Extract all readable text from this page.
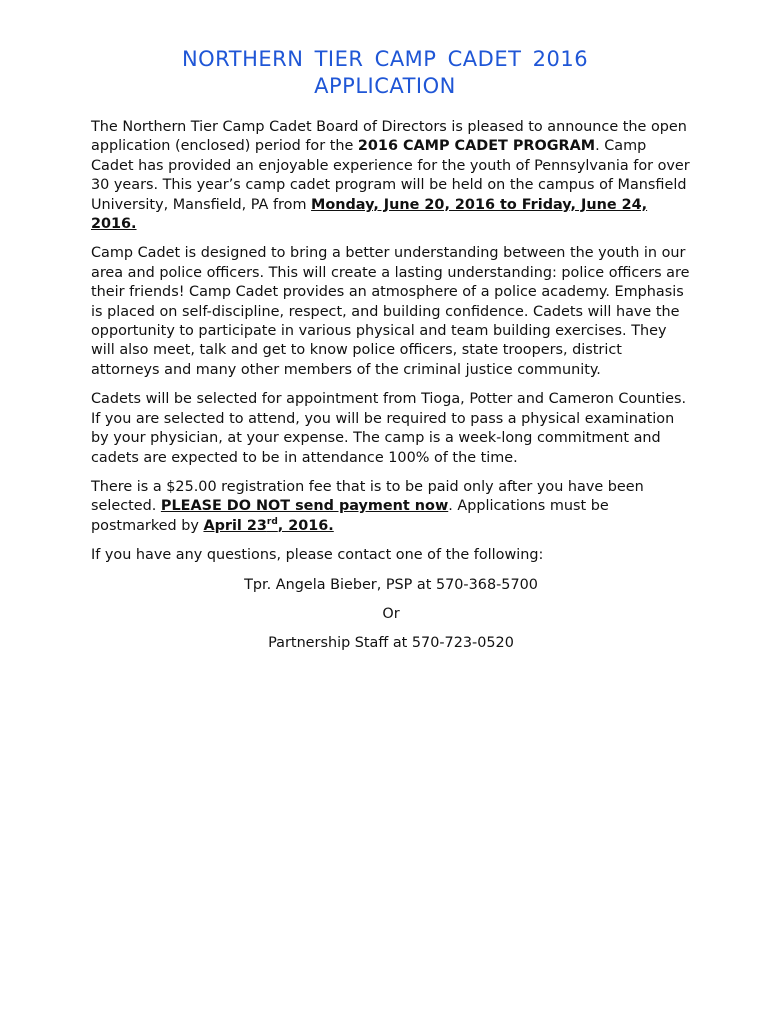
NORTHERN TIER CAMP CADET 2016
APPLICATION

The Northern Tier Camp Cadet Board of Directors is pleased to announce the open application (enclosed) period for the 2016 CAMP CADET PROGRAM. Camp Cadet has provided an enjoyable experience for the youth of Pennsylvania for over 30 years. This year’s camp cadet program will be held on the campus of Mansfield University, Mansfield, PA from Monday, June 20, 2016 to Friday, June 24, 2016.

Camp Cadet is designed to bring a better understanding between the youth in our area and police officers. This will create a lasting understanding: police officers are their friends! Camp Cadet provides an atmosphere of a police academy. Emphasis is placed on self-discipline, respect, and building confidence. Cadets will have the opportunity to participate in various physical and team building exercises. They will also meet, talk and get to know police officers, state troopers, district attorneys and many other members of the criminal justice community.

Cadets will be selected for appointment from Tioga, Potter and Cameron Counties. If you are selected to attend, you will be required to pass a physical examination by your physician, at your expense. The camp is a week-long commitment and cadets are expected to be in attendance 100% of the time.

There is a $25.00 registration fee that is to be paid only after you have been selected. PLEASE DO NOT send payment now. Applications must be postmarked by April 23rd, 2016.

If you have any questions, please contact one of the following:

Tpr. Angela Bieber, PSP at 570-368-5700

Or

Partnership Staff at 570-723-0520
